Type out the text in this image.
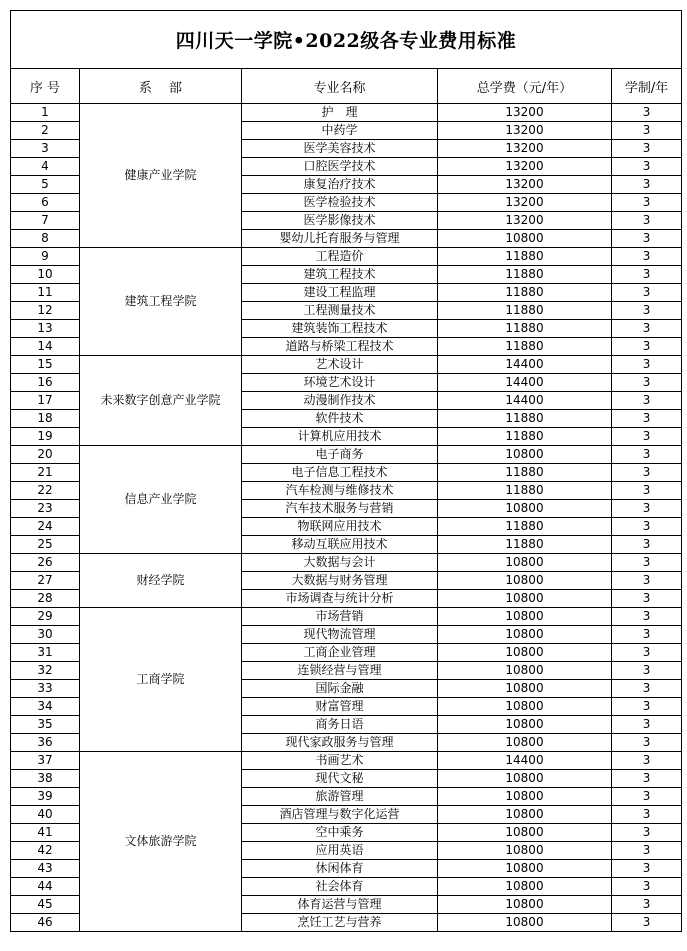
四川天一学院•2022级各专业费用标准				
序 号	系　 部	专业名称	总学费（元/年）	学制/年
1	健康产业学院	护　理	13200	3
2		中药学	13200	3
3		医学美容技术	13200	3
4		口腔医学技术	13200	3
5		康复治疗技术	13200	3
6		医学检验技术	13200	3
7		医学影像技术	13200	3
8		婴幼儿托育服务与管理	10800	3
9	建筑工程学院	工程造价	11880	3
10		建筑工程技术	11880	3
11		建设工程监理	11880	3
12		工程测量技术	11880	3
13		建筑装饰工程技术	11880	3
14		道路与桥梁工程技术	11880	3
15	未来数字创意产业学院	艺术设计	14400	3
16		环境艺术设计	14400	3
17		动漫制作技术	14400	3
18		软件技术	11880	3
19		计算机应用技术	11880	3
20	信息产业学院	电子商务	10800	3
21		电子信息工程技术	11880	3
22		汽车检测与维修技术	11880	3
23		汽车技术服务与营销	10800	3
24		物联网应用技术	11880	3
25		移动互联应用技术	11880	3
26	财经学院	大数据与会计	10800	3
27		大数据与财务管理	10800	3
28		市场调查与统计分析	10800	3
29	工商学院	市场营销	10800	3
30		现代物流管理	10800	3
31		工商企业管理	10800	3
32		连锁经营与管理	10800	3
33		国际金融	10800	3
34		财富管理	10800	3
35		商务日语	10800	3
36		现代家政服务与管理	10800	3
37	文体旅游学院	书画艺术	14400	3
38		现代文秘	10800	3
39		旅游管理	10800	3
40		酒店管理与数字化运营	10800	3
41		空中乘务	10800	3
42		应用英语	10800	3
43		休闲体育	10800	3
44		社会体育	10800	3
45		体育运营与管理	10800	3
46		烹饪工艺与营养	10800	3
